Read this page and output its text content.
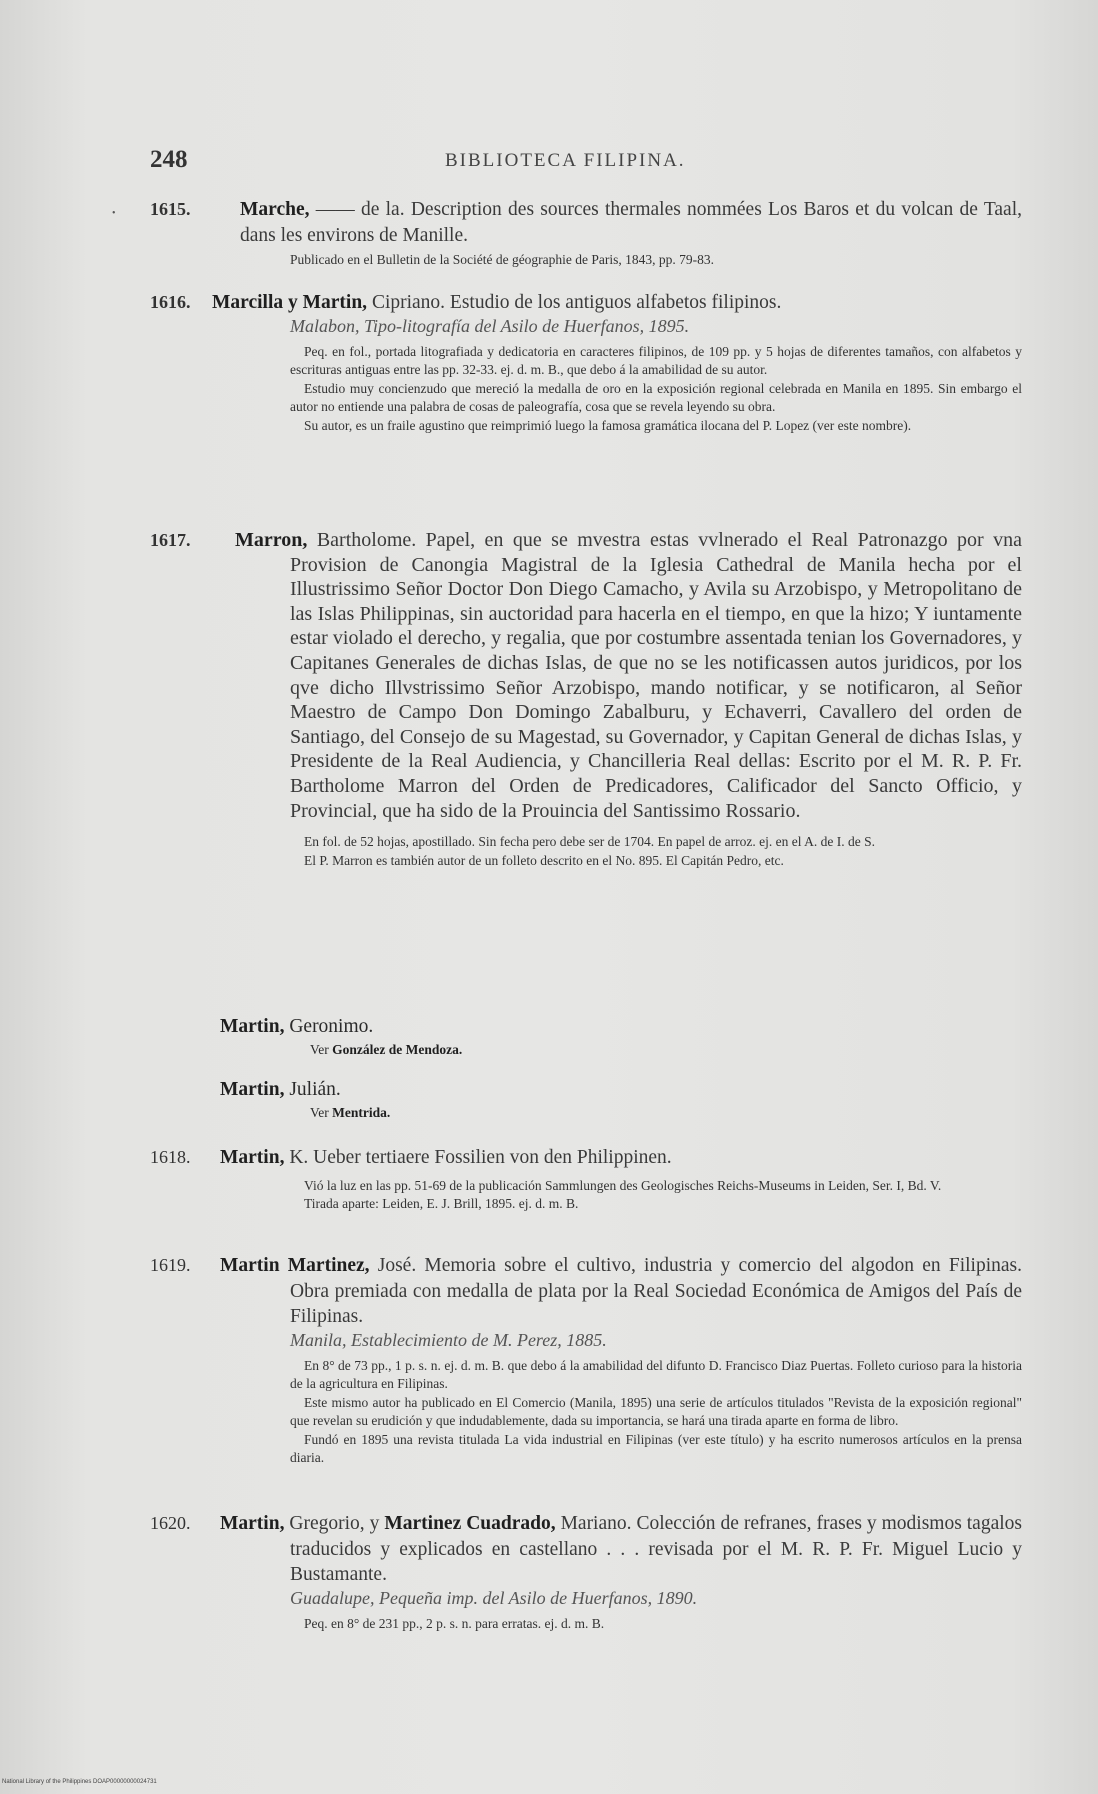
248	BIBLIOTECA FILIPINA.
• 1615.	Marche, —— de la. Description des sources thermales nommées Los Baros et du volcan de Taal, dans les environs de Manille.
Publicado en el Bulletin de la Société de géographie de Paris, 1843, pp. 79-83.
1616.	Marcilla y Martin, Cipriano. Estudio de los antiguos alfabetos filipinos.
Malabon, Tipo-litografía del Asilo de Huerfanos, 1895.
Peq. en fol., portada litografiada y dedicatoria en caracteres filipinos, de 109 pp. y 5 hojas de diferentes tamaños, con alfabetos y escrituras antiguas entre las pp. 32-33. ej. d. m. B., que debo á la amabilidad de su autor.
Estudio muy concienzudo que mereció la medalla de oro en la exposición regional celebrada en Manila en 1895. Sin embargo el autor no entiende una palabra de cosas de paleografía, cosa que se revela leyendo su obra.
Su autor, es un fraile agustino que reimprimió luego la famosa gramática ilocana del P. Lopez (ver este nombre).
1617.	Marron, Bartholome. Papel, en que se mvestra estas vvlnerado el Real Patronazgo por vna Provision de Canongia Magistral de la Iglesia Cathedral de Manila hecha por el Illustrissimo Señor Doctor Don Diego Camacho, y Avila su Arzobispo, y Metropolitano de las Islas Philippinas, sin auctoridad para hacerla en el tiempo, en que la hizo; Y iuntamente estar violado el derecho, y regalia, que por costumbre assentada tenian los Governadores, y Capitanes Generales de dichas Islas, de que no se les notificassen autos juridicos, por los qve dicho Illvstrissimo Señor Arzobispo, mando notificar, y se notificaron, al Señor Maestro de Campo Don Domingo Zabalburu, y Echaverri, Cavallero del orden de Santiago, del Consejo de su Magestad, su Governador, y Capitan General de dichas Islas, y Presidente de la Real Audiencia, y Chancilleria Real dellas: Escrito por el M. R. P. Fr. Bartholome Marron del Orden de Predicadores, Calificador del Sancto Officio, y Provincial, que ha sido de la Prouincia del Santissimo Rossario.
En fol. de 52 hojas, apostillado. Sin fecha pero debe ser de 1704. En papel de arroz. ej. en el A. de I. de S.
El P. Marron es también autor de un folleto descrito en el No. 895. El Capitán Pedro, etc.
Martin, Geronimo.
Ver González de Mendoza.
Martin, Julián.
Ver Mentrida.
1618.	Martin, K. Ueber tertiaere Fossilien von den Philippinen.
Vió la luz en las pp. 51-69 de la publicación Sammlungen des Geologisches Reichs-Museums in Leiden, Ser. I, Bd. V.
Tirada aparte: Leiden, E. J. Brill, 1895. ej. d. m. B.
1619.	Martin Martinez, José. Memoria sobre el cultivo, industria y comercio del algodon en Filipinas. Obra premiada con medalla de plata por la Real Sociedad Económica de Amigos del País de Filipinas.
Manila, Establecimiento de M. Perez, 1885.
En 8° de 73 pp., 1 p. s. n. ej. d. m. B. que debo á la amabilidad del difunto D. Francisco Diaz Puertas. Folleto curioso para la historia de la agricultura en Filipinas.
Este mismo autor ha publicado en El Comercio (Manila, 1895) una serie de artículos titulados "Revista de la exposición regional" que revelan su erudición y que indudablemente, dada su importancia, se hará una tirada aparte en forma de libro.
Fundó en 1895 una revista titulada La vida industrial en Filipinas (ver este título) y ha escrito numerosos artículos en la prensa diaria.
1620.	Martin, Gregorio, y Martinez Cuadrado, Mariano. Colección de refranes, frases y modismos tagalos traducidos y explicados en castellano . . . revisada por el M. R. P. Fr. Miguel Lucio y Bustamante.
Guadalupe, Pequeña imp. del Asilo de Huerfanos, 1890.
Peq. en 8° de 231 pp., 2 p. s. n. para erratas. ej. d. m. B.
National Library of the Philippines DOAP00000000024731
